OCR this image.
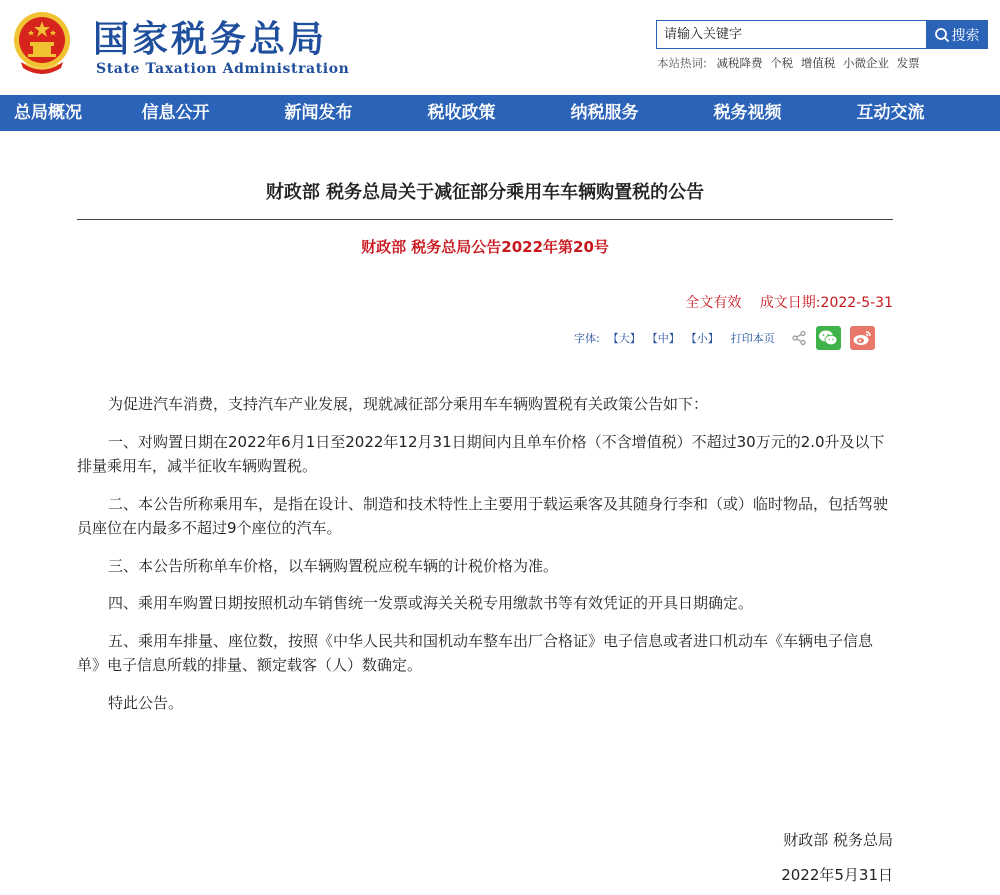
国家税务总局
State Taxation Administration
请输入关键字
搜索
本站热词: 减税降费 个税 增值税 小微企业 发票
总局概况	信息公开	新闻发布	税收政策	纳税服务	税务视频	互动交流
财政部 税务总局关于减征部分乘用车车辆购置税的公告
财政部 税务总局公告2022年第20号
全文有效 成文日期:2022-5-31
字体: 【大】 【中】 【小】 打印本页

为促进汽车消费，支持汽车产业发展，现就减征部分乘用车车辆购置税有关政策公告如下：

一、对购置日期在2022年6月1日至2022年12月31日期间内且单车价格（不含增值税）不超过30万元的2.0升及以下排量乘用车，减半征收车辆购置税。

二、本公告所称乘用车，是指在设计、制造和技术特性上主要用于载运乘客及其随身行李和（或）临时物品，包括驾驶员座位在内最多不超过9个座位的汽车。

三、本公告所称单车价格，以车辆购置税应税车辆的计税价格为准。

四、乘用车购置日期按照机动车销售统一发票或海关关税专用缴款书等有效凭证的开具日期确定。

五、乘用车排量、座位数，按照《中华人民共和国机动车整车出厂合格证》电子信息或者进口机动车《车辆电子信息单》电子信息所载的排量、额定载客（人）数确定。

特此公告。

财政部 税务总局
2022年5月31日
